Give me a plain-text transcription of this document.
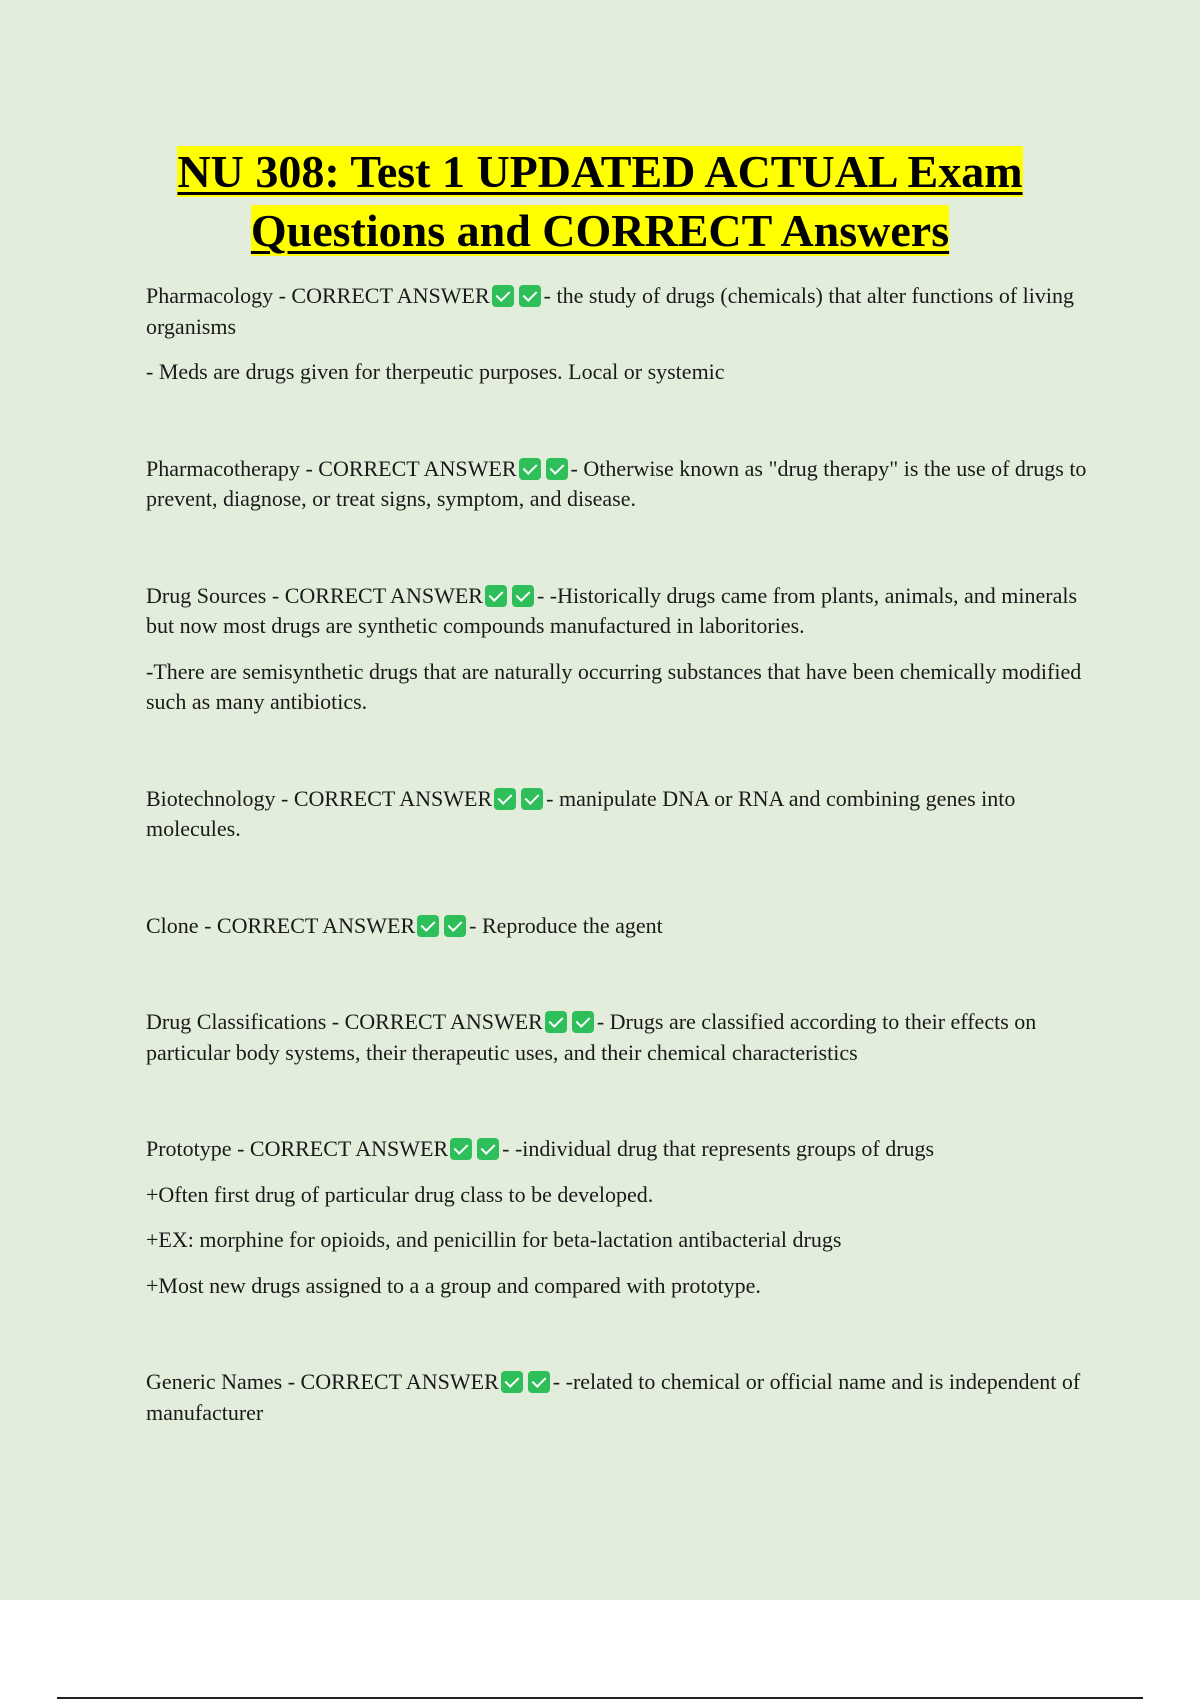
NU 308: Test 1 UPDATED ACTUAL Exam
Questions and CORRECT Answers

Pharmacology - CORRECT ANSWER - the study of drugs (chemicals) that alter functions of living organisms

- Meds are drugs given for therpeutic purposes. Local or systemic

Pharmacotherapy - CORRECT ANSWER - Otherwise known as "drug therapy" is the use of drugs to prevent, diagnose, or treat signs, symptom, and disease.

Drug Sources - CORRECT ANSWER - -Historically drugs came from plants, animals, and minerals but now most drugs are synthetic compounds manufactured in laboritories.

-There are semisynthetic drugs that are naturally occurring substances that have been chemically modified such as many antibiotics.

Biotechnology - CORRECT ANSWER - manipulate DNA or RNA and combining genes into molecules.

Clone - CORRECT ANSWER - Reproduce the agent

Drug Classifications - CORRECT ANSWER - Drugs are classified according to their effects on particular body systems, their therapeutic uses, and their chemical characteristics

Prototype - CORRECT ANSWER - -individual drug that represents groups of drugs

+Often first drug of particular drug class to be developed.

+EX: morphine for opioids, and penicillin for beta-lactation antibacterial drugs

+Most new drugs assigned to a a group and compared with prototype.

Generic Names - CORRECT ANSWER - -related to chemical or official name and is independent of manufacturer
